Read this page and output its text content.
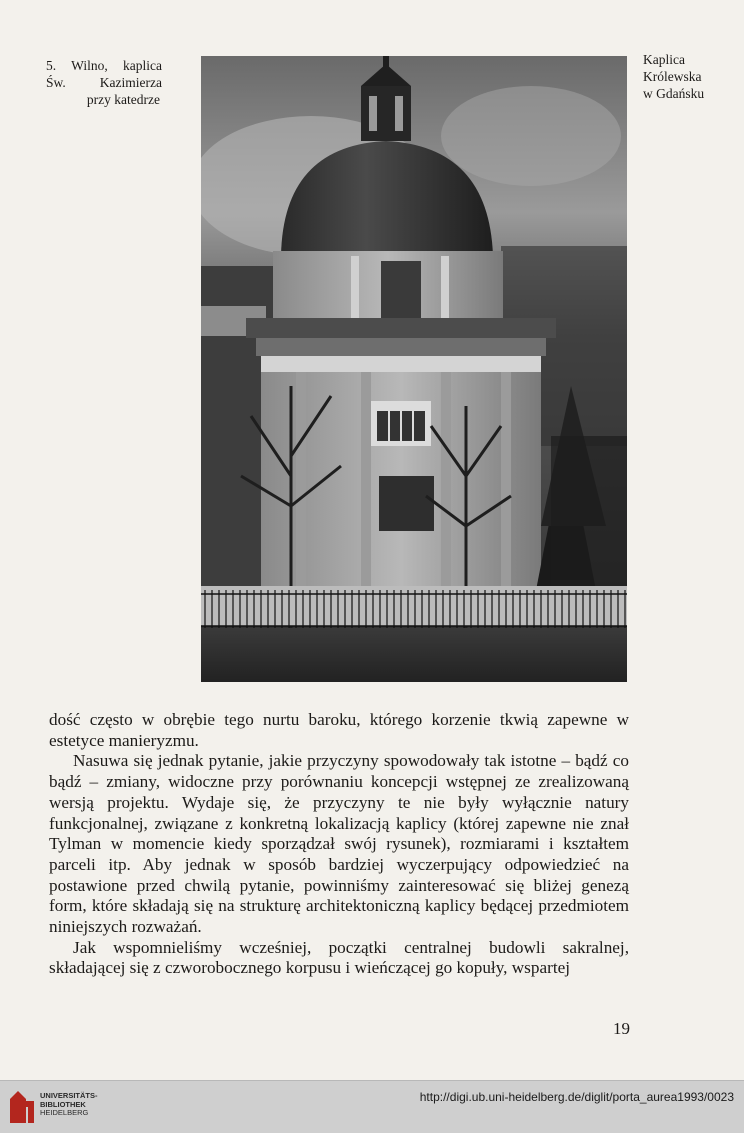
5. Wilno, kaplica
Św. Kazimierza
przy katedrze
Kaplica
Królewska
w Gdańsku

dość często w obrębie tego nurtu baroku, którego korzenie tkwią zapewne w estetyce manieryzmu.

Nasuwa się jednak pytanie, jakie przyczyny spowodowały tak istotne – bądź co bądź – zmiany, widoczne przy porównaniu koncepcji wstępnej ze zrealizowaną wersją projektu. Wydaje się, że przyczyny te nie były wyłącznie natury funkcjonalnej, związane z konkretną lokalizacją kaplicy (której zapewne nie znał Tylman w momencie kiedy sporządzał swój rysunek), rozmiarami i kształtem parceli itp. Aby jednak w sposób bardziej wyczerpujący odpowiedzieć na postawione przed chwilą pytanie, powinniśmy zainteresować się bliżej genezą form, które składają się na strukturę architektoniczną kaplicy będącej przedmiotem niniejszych rozważań.

Jak wspomnieliśmy wcześniej, początki centralnej budowli sakralnej, składającej się z czworobocznego korpusu i wieńczącej go kopuły, wspartej

19
UNIVERSITÄTS-
BIBLIOTHEK
HEIDELBERG
http://digi.ub.uni-heidelberg.de/diglit/porta_aurea1993/0023
